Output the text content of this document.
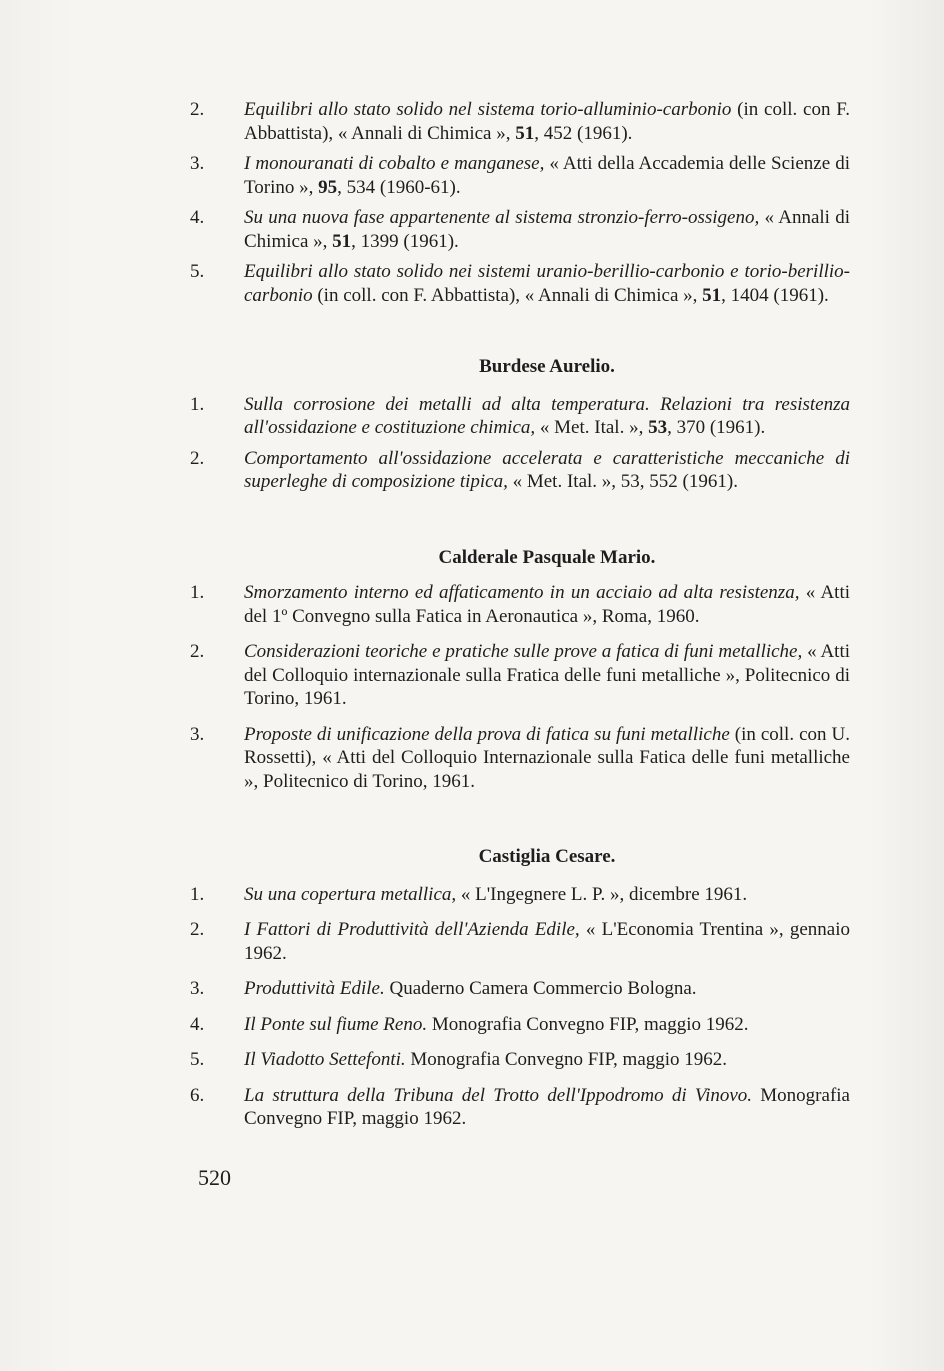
2.	Equilibri allo stato solido nel sistema torio-alluminio-carbonio (in coll. con F. Abbattista), « Annali di Chimica », 51, 452 (1961).
3.	I monouranati di cobalto e manganese, « Atti della Accademia delle Scienze di Torino », 95, 534 (1960-61).
4.	Su una nuova fase appartenente al sistema stronzio-ferro-ossigeno, « Annali di Chimica », 51, 1399 (1961).
5.	Equilibri allo stato solido nei sistemi uranio-berillio-carbonio e torio-berillio-carbonio (in coll. con F. Abbattista), « Annali di Chimica », 51, 1404 (1961).
Burdese Aurelio.
1.	Sulla corrosione dei metalli ad alta temperatura. Relazioni tra resistenza all'ossidazione e costituzione chimica, « Met. Ital. », 53, 370 (1961).
2.	Comportamento all'ossidazione accelerata e caratteristiche meccaniche di superleghe di composizione tipica, « Met. Ital. », 53, 552 (1961).
Calderale Pasquale Mario.
1.	Smorzamento interno ed affaticamento in un acciaio ad alta resistenza, « Atti del 1º Convegno sulla Fatica in Aeronautica », Roma, 1960.
2.	Considerazioni teoriche e pratiche sulle prove a fatica di funi metalliche, « Atti del Colloquio internazionale sulla Fratica delle funi metalliche », Politecnico di Torino, 1961.
3.	Proposte di unificazione della prova di fatica su funi metalliche (in coll. con U. Rossetti), « Atti del Colloquio Internazionale sulla Fatica delle funi metalliche », Politecnico di Torino, 1961.
Castiglia Cesare.
1.	Su una copertura metallica, « L'Ingegnere L. P. », dicembre 1961.
2.	I Fattori di Produttività dell'Azienda Edile, « L'Economia Trentina », gennaio 1962.
3.	Produttività Edile. Quaderno Camera Commercio Bologna.
4.	Il Ponte sul fiume Reno. Monografia Convegno FIP, maggio 1962.
5.	Il Viadotto Settefonti. Monografia Convegno FIP, maggio 1962.
6.	La struttura della Tribuna del Trotto dell'Ippodromo di Vinovo. Monografia Convegno FIP, maggio 1962.
520
